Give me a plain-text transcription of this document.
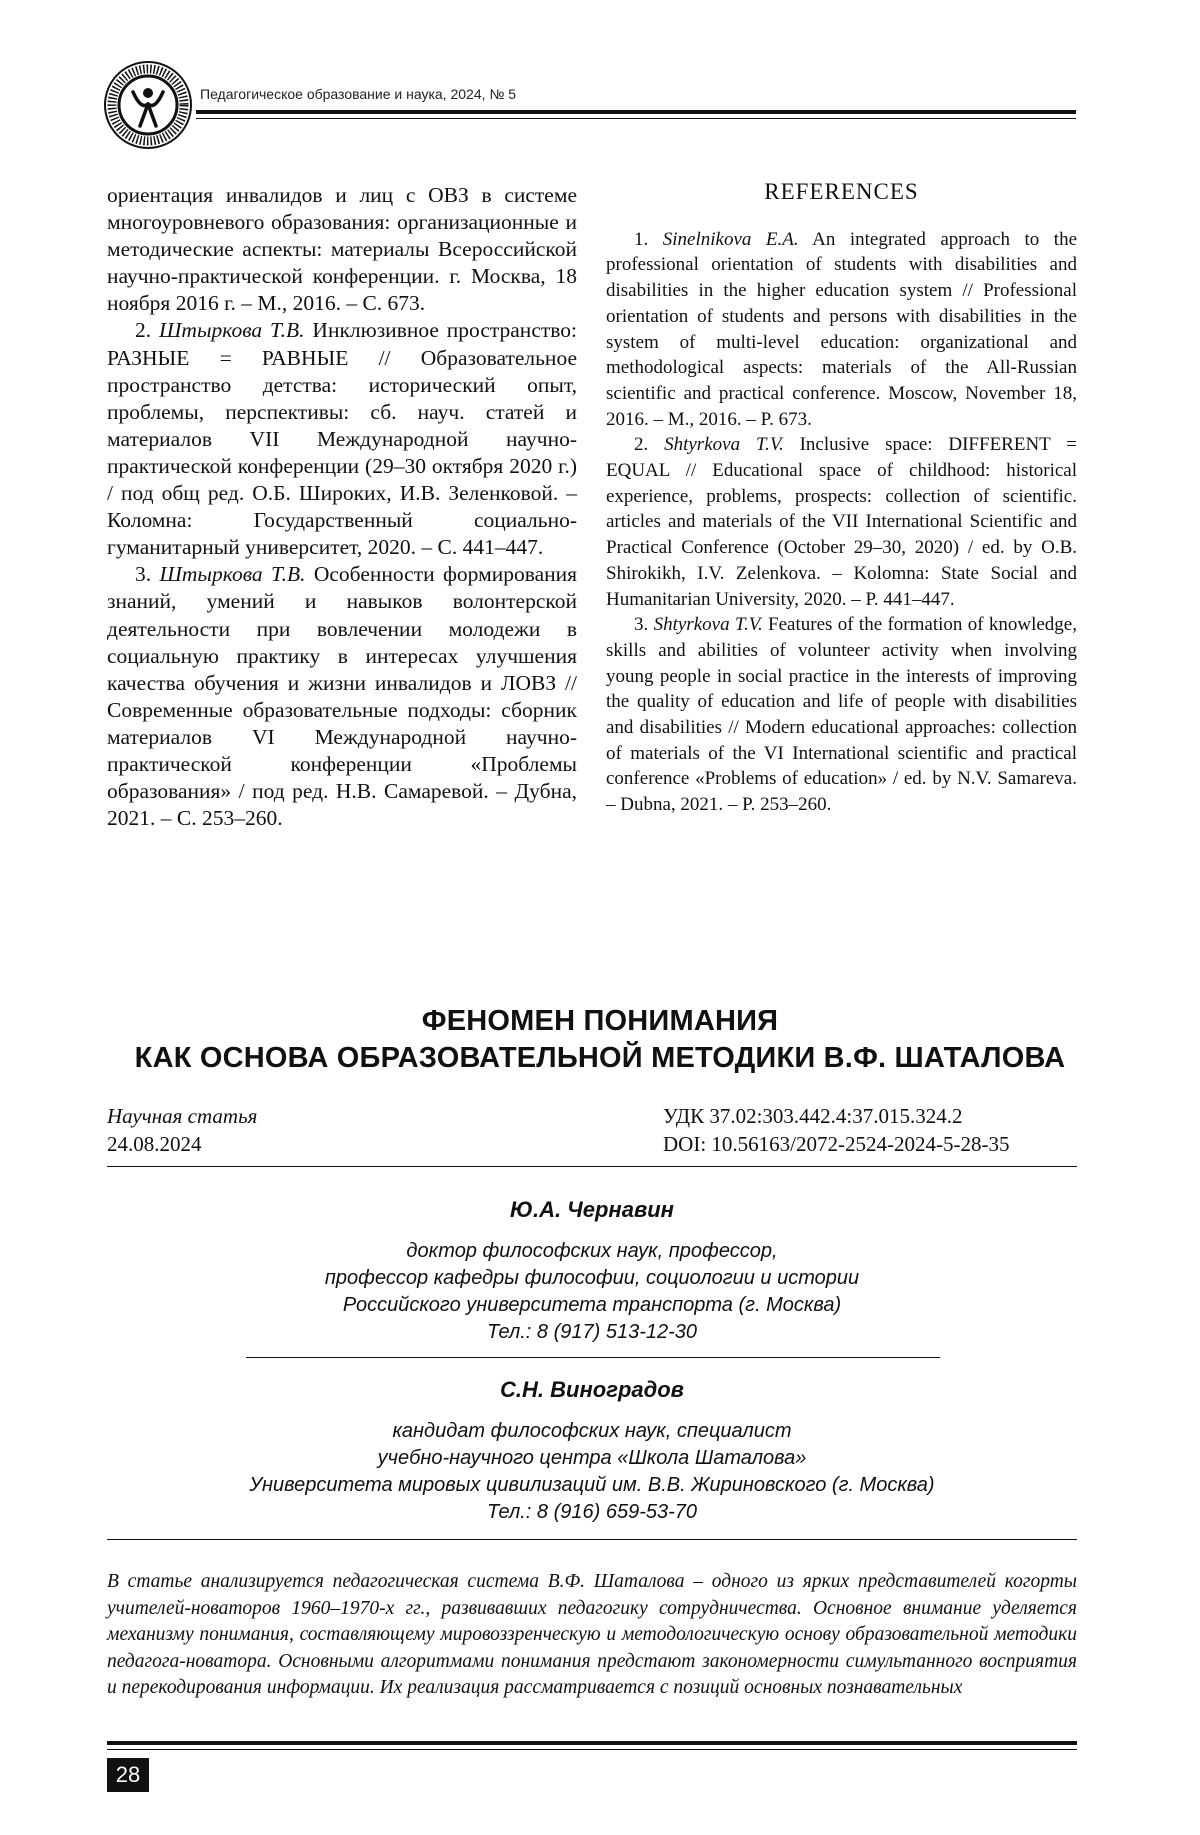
Педагогическое образование и наука, 2024, № 5

ориентация инвалидов и лиц с ОВЗ в системе многоуровневого образования: организационные и методические аспекты: материалы Всероссийской научно-практической конференции. г. Москва, 18 ноября 2016 г. – М., 2016. – С. 673.

2. Штыркова Т.В. Инклюзивное пространство: РАЗНЫЕ = РАВНЫЕ // Образовательное пространство детства: исторический опыт, проблемы, перспективы: сб. науч. статей и материалов VII Международной научно-практической конференции (29–30 октября 2020 г.) / под общ ред. О.Б. Широких, И.В. Зеленковой. – Коломна: Государственный социально-гуманитарный университет, 2020. – С. 441–447.

3. Штыркова Т.В. Особенности формирования знаний, умений и навыков волонтерской деятельности при вовлечении молодежи в социальную практику в интересах улучшения качества обучения и жизни инвалидов и ЛОВЗ // Современные образовательные подходы: сборник материалов VI Международной научно-практической конференции «Проблемы образования» / под ред. Н.В. Самаревой. – Дубна, 2021. – С. 253–260.

REFERENCES

1. Sinelnikova E.A. An integrated approach to the professional orientation of students with disabilities and disabilities in the higher education system // Professional orientation of students and persons with disabilities in the system of multi-level education: organizational and methodological aspects: materials of the All-Russian scientific and practical conference. Moscow, November 18, 2016. – M., 2016. – P. 673.

2. Shtyrkova T.V. Inclusive space: DIFFERENT = EQUAL // Educational space of childhood: historical experience, problems, prospects: collection of scientific. articles and materials of the VII International Scientific and Practical Conference (October 29–30, 2020) / ed. by O.B. Shirokikh, I.V. Zelenkova. – Kolomna: State Social and Humanitarian University, 2020. – P. 441–447.

3. Shtyrkova T.V. Features of the formation of knowledge, skills and abilities of volunteer activity when involving young people in social practice in the interests of improving the quality of education and life of people with disabilities and disabilities // Modern educational approaches: collection of materials of the VI International scientific and practical conference «Problems of education» / ed. by N.V. Samareva. – Dubna, 2021. – P. 253–260.

ФЕНОМЕН ПОНИМАНИЯ
КАК ОСНОВА ОБРАЗОВАТЕЛЬНОЙ МЕТОДИКИ В.Ф. ШАТАЛОВА
Научная статья
24.08.2024
УДК 37.02:303.442.4:37.015.324.2
DOI: 10.56163/2072-2524-2024-5-28-35
Ю.А. Чернавин
доктор философских наук, профессор,
профессор кафедры философии, социологии и истории
Российского университета транспорта (г. Москва)
Тел.: 8 (917) 513-12-30
С.Н. Виноградов
кандидат философских наук, специалист
учебно-научного центра «Школа Шаталова»
Университета мировых цивилизаций им. В.В. Жириновского (г. Москва)
Тел.: 8 (916) 659-53-70

В статье анализируется педагогическая система В.Ф. Шаталова – одного из ярких представителей когорты учителей-новаторов 1960–1970-х гг., развивавших педагогику сотрудничества. Основное внимание уделяется механизму понимания, составляющему мировоззренческую и методологическую основу образовательной методики педагога-новатора. Основными алгоритмами понимания предстают закономерности симультанного восприятия и перекодирования информации. Их реализация рассматривается с позиций основных познавательных

28
